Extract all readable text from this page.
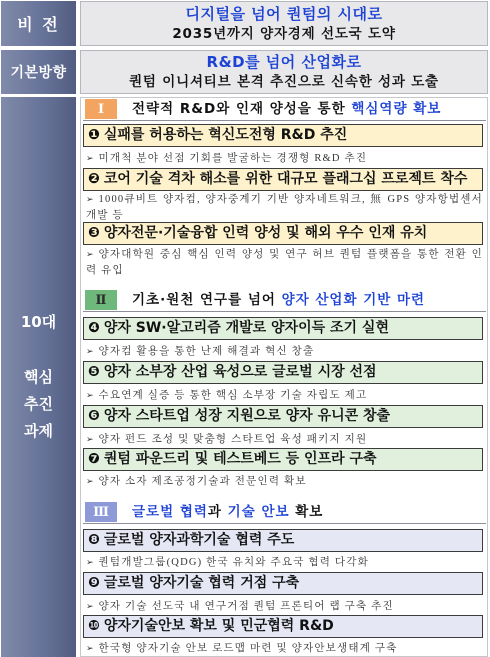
비 전
디지털을 넘어 퀀텀의 시대로
2035년까지 양자경제 선도국 도약
기본방향
R&D를 넘어 산업화로
퀀텀 이니셔티브 본격 추진으로 신속한 성과 도출
10대
핵심
추진
과제
Ⅰ	전략적 R&D와 인재 양성을 통한 핵심역량 확보
❶ 실패를 허용하는 혁신도전형 R&D 추진
➢ 미개척 분야 선점 기회를 발굴하는 경쟁형 R&D 추진
❷ 코어 기술 격차 해소를 위한 대규모 플래그십 프로젝트 착수
➢ 1000큐비트 양자컴, 양자중계기 기반 양자네트워크, 無 GPS 양자항법센서 개발 등
❸ 양자전문·기술융합 인력 양성 및 해외 우수 인재 유치
➢ 양자대학원 중심 핵심 인력 양성 및 연구 허브 퀀텀 플랫폼을 통한 전환 인력 유입
Ⅱ	기초·원천 연구를 넘어 양자 산업화 기반 마련
❹ 양자 SW·알고리즘 개발로 양자이득 조기 실현
➢ 양자컴 활용을 통한 난제 해결과 혁신 창출
❺ 양자 소부장 산업 육성으로 글로벌 시장 선점
➢ 수요연계 실증 등 통한 핵심 소부장 기술 자립도 제고
❻ 양자 스타트업 성장 지원으로 양자 유니콘 창출
➢ 양자 펀드 조성 및 맞춤형 스타트업 육성 패키지 지원
❼ 퀀텀 파운드리 및 테스트베드 등 인프라 구축
➢ 양자 소자 제조공정기술과 전문인력 확보
Ⅲ	글로벌 협력과 기술 안보 확보
❽ 글로벌 양자과학기술 협력 주도
➢ 퀀텀개발그룹(QDG) 한국 유치와 주요국 협력 다각화
❾ 글로벌 양자기술 협력 거점 구축
➢ 양자 기술 선도국 내 연구거점 퀀텀 프론티어 랩 구축 추진
❿ 양자기술안보 확보 및 민군협력 R&D
➢ 한국형 양자기술 안보 로드맵 마련 및 양자안보생태계 구축
